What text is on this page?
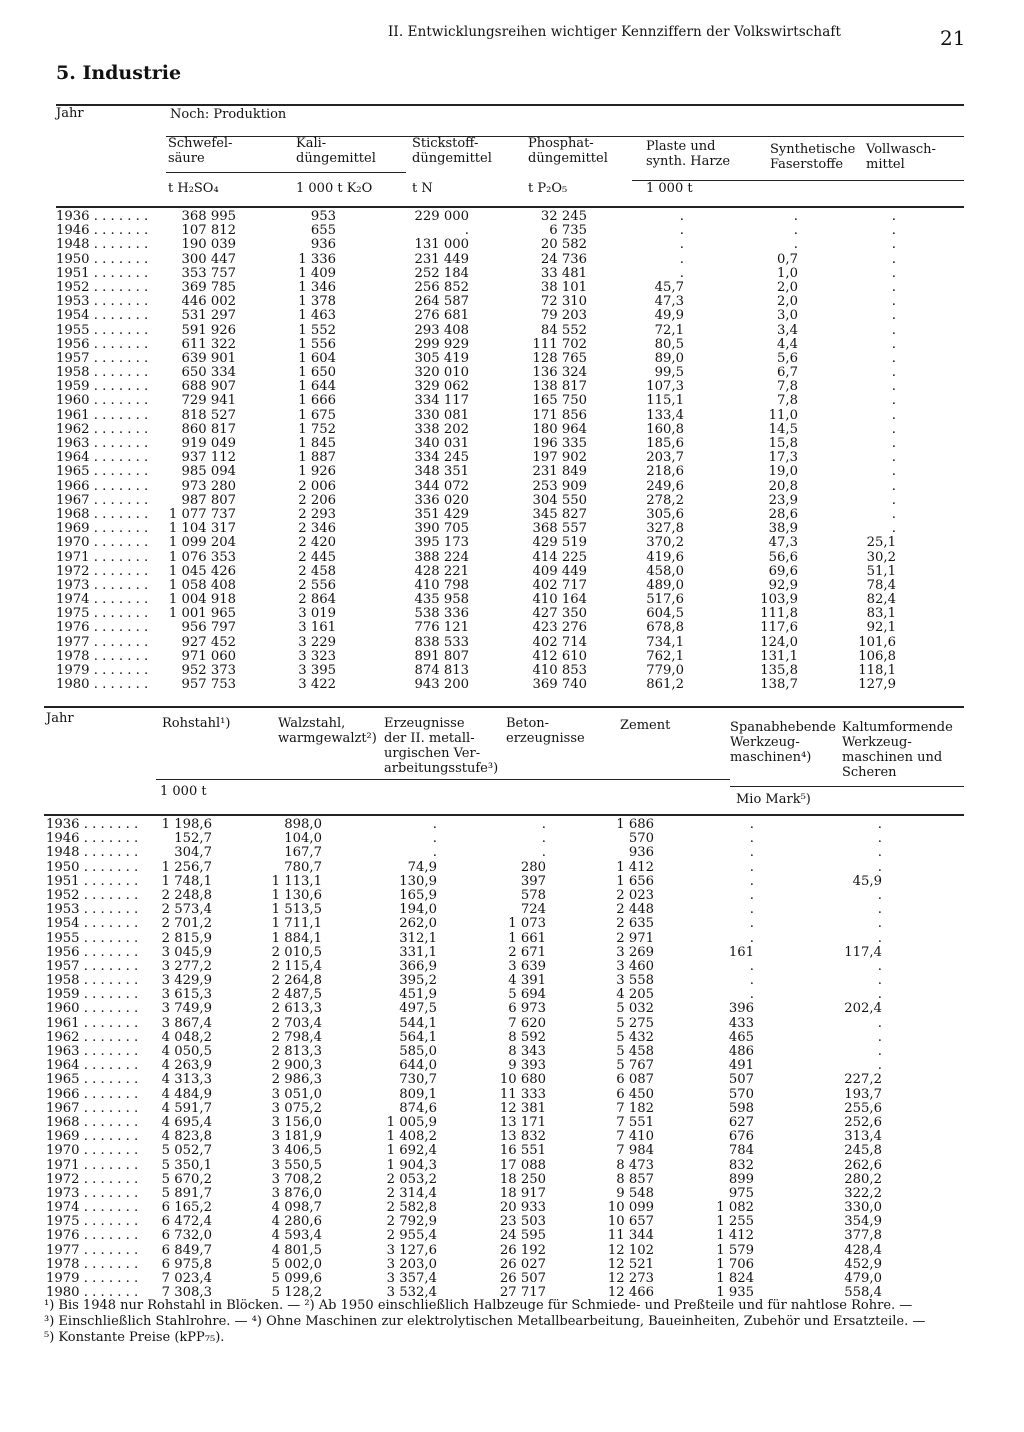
II. Entwicklungsreihen wichtiger Kennziffern der Volkswirtschaft	21
5. Industrie
Jahr	Noch: Produktion
Schwefel-
säure
Kali-
düngemittel
Stickstoff-
düngemittel
Phosphat-
düngemittel
Plaste und
synth. Harze
Synthetische
Faserstoffe
Vollwasch-
mittel
t H₂SO₄	1 000 t K₂O	t N	t P₂O₅	1 000 t
1936 . . .	368 995	953	229 000	32 245	.	.	.
1946 . . .	107 812	655	.	6 735	.	.	.
1948 . . .	190 039	936	131 000	20 582	.	.	.
1950 . . .	300 447	1 336	231 449	24 736	.	0,7	.
1951 . . .	353 757	1 409	252 184	33 481	.	1,0	.
1952 . . .	369 785	1 346	256 852	38 101	45,7	2,0	.
1953 . . .	446 002	1 378	264 587	72 310	47,3	2,0	.
1954 . . .	531 297	1 463	276 681	79 203	49,9	3,0	.
1955 . . .	591 926	1 552	293 408	84 552	72,1	3,4	.
1956 . . .	611 322	1 556	299 929	111 702	80,5	4,4	.
1957 . . .	639 901	1 604	305 419	128 765	89,0	5,6	.
1958 . . .	650 334	1 650	320 010	136 324	99,5	6,7	.
1959 . . .	688 907	1 644	329 062	138 817	107,3	7,8	.
1960 . . .	729 941	1 666	334 117	165 750	115,1	7,8	.
1961 . . .	818 527	1 675	330 081	171 856	133,4	11,0	.
1962 . . .	860 817	1 752	338 202	180 964	160,8	14,5	.
1963 . . .	919 049	1 845	340 031	196 335	185,6	15,8	.
1964 . . .	937 112	1 887	334 245	197 902	203,7	17,3	.
1965 . . .	985 094	1 926	348 351	231 849	218,6	19,0	.
1966 . . .	973 280	2 006	344 072	253 909	249,6	20,8	.
1967 . . .	987 807	2 206	336 020	304 550	278,2	23,9	.
1968 . . .	1 077 737	2 293	351 429	345 827	305,6	28,6	.
1969 . . .	1 104 317	2 346	390 705	368 557	327,8	38,9	.
1970 . . .	1 099 204	2 420	395 173	429 519	370,2	47,3	25,1
1971 . . .	1 076 353	2 445	388 224	414 225	419,6	56,6	30,2
1972 . . .	1 045 426	2 458	428 221	409 449	458,0	69,6	51,1
1973 . . .	1 058 408	2 556	410 798	402 717	489,0	92,9	78,4
1974 . . .	1 004 918	2 864	435 958	410 164	517,6	103,9	82,4
1975 . . .	1 001 965	3 019	538 336	427 350	604,5	111,8	83,1
1976 . . .	956 797	3 161	776 121	423 276	678,8	117,6	92,1
1977 . . .	927 452	3 229	838 533	402 714	734,1	124,0	101,6
1978 . . .	971 060	3 323	891 807	412 610	762,1	131,1	106,8
1979 . . .	952 373	3 395	874 813	410 853	779,0	135,8	118,1
1980 . . .	957 753	3 422	943 200	369 740	861,2	138,7	127,9
Jahr	Rohstahl¹)	Walzstahl,
warmgewalzt²)
Erzeugnisse
der II. metall-
urgischen Ver-
arbeitungsstufe³)
Beton-
erzeugnisse
Zement	Spanabhebende
Werkzeug-
maschinen⁴)
Kaltumformende
Werkzeug-
maschinen und
Scheren
1 000 t
Mio Mark⁵)
1936 . . .	1 198,6	898,0	.	.	1 686	.	.
1946 . . .	152,7	104,0	.	.	570	.	.
1948 . . .	304,7	167,7	.	.	936	.	.
1950 . . .	1 256,7	780,7	74,9	280	1 412	.	.
1951 . . .	1 748,1	1 113,1	130,9	397	1 656	.	45,9
1952 . . .	2 248,8	1 130,6	165,9	578	2 023	.	.
1953 . . .	2 573,4	1 513,5	194,0	724	2 448	.	.
1954 . . .	2 701,2	1 711,1	262,0	1 073	2 635	.	.
1955 . . .	2 815,9	1 884,1	312,1	1 661	2 971	.	.
1956 . . .	3 045,9	2 010,5	331,1	2 671	3 269	161	117,4
1957 . . .	3 277,2	2 115,4	366,9	3 639	3 460	.	.
1958 . . .	3 429,9	2 264,8	395,2	4 391	3 558	.	.
1959 . . .	3 615,3	2 487,5	451,9	5 694	4 205	.	.
1960 . . .	3 749,9	2 613,3	497,5	6 973	5 032	396	202,4
1961 . . .	3 867,4	2 703,4	544,1	7 620	5 275	433	.
1962 . . .	4 048,2	2 798,4	564,1	8 592	5 432	465	.
1963 . . .	4 050,5	2 813,3	585,0	8 343	5 458	486	.
1964 . . .	4 263,9	2 900,3	644,0	9 393	5 767	491	.
1965 . . .	4 313,3	2 986,3	730,7	10 680	6 087	507	227,2
1966 . . .	4 484,9	3 051,0	809,1	11 333	6 450	570	193,7
1967 . . .	4 591,7	3 075,2	874,6	12 381	7 182	598	255,6
1968 . . .	4 695,4	3 156,0	1 005,9	13 171	7 551	627	252,6
1969 . . .	4 823,8	3 181,9	1 408,2	13 832	7 410	676	313,4
1970 . . .	5 052,7	3 406,5	1 692,4	16 551	7 984	784	245,8
1971 . . .	5 350,1	3 550,5	1 904,3	17 088	8 473	832	262,6
1972 . . .	5 670,2	3 708,2	2 053,2	18 250	8 857	899	280,2
1973 . . .	5 891,7	3 876,0	2 314,4	18 917	9 548	975	322,2
1974 . . .	6 165,2	4 098,7	2 582,8	20 933	10 099	1 082	330,0
1975 . . .	6 472,4	4 280,6	2 792,9	23 503	10 657	1 255	354,9
1976 . . .	6 732,0	4 593,4	2 955,4	24 595	11 344	1 412	377,8
1977 . . .	6 849,7	4 801,5	3 127,6	26 192	12 102	1 579	428,4
1978 . . .	6 975,8	5 002,0	3 203,0	26 027	12 521	1 706	452,9
1979 . . .	7 023,4	5 099,6	3 357,4	26 507	12 273	1 824	479,0
1980 . . .	7 308,3	5 128,2	3 532,4	27 717	12 466	1 935	558,4
¹) Bis 1948 nur Rohstahl in Blöcken. — ²) Ab 1950 einschließlich Halbzeuge für Schmiede- und Preßteile und für nahtlose Rohre. —
³) Einschließlich Stahlrohre. — ⁴) Ohne Maschinen zur elektrolytischen Metallbearbeitung, Baueinheiten, Zubehör und Ersatzteile. —
⁵) Konstante Preise (kPP₇₅).
